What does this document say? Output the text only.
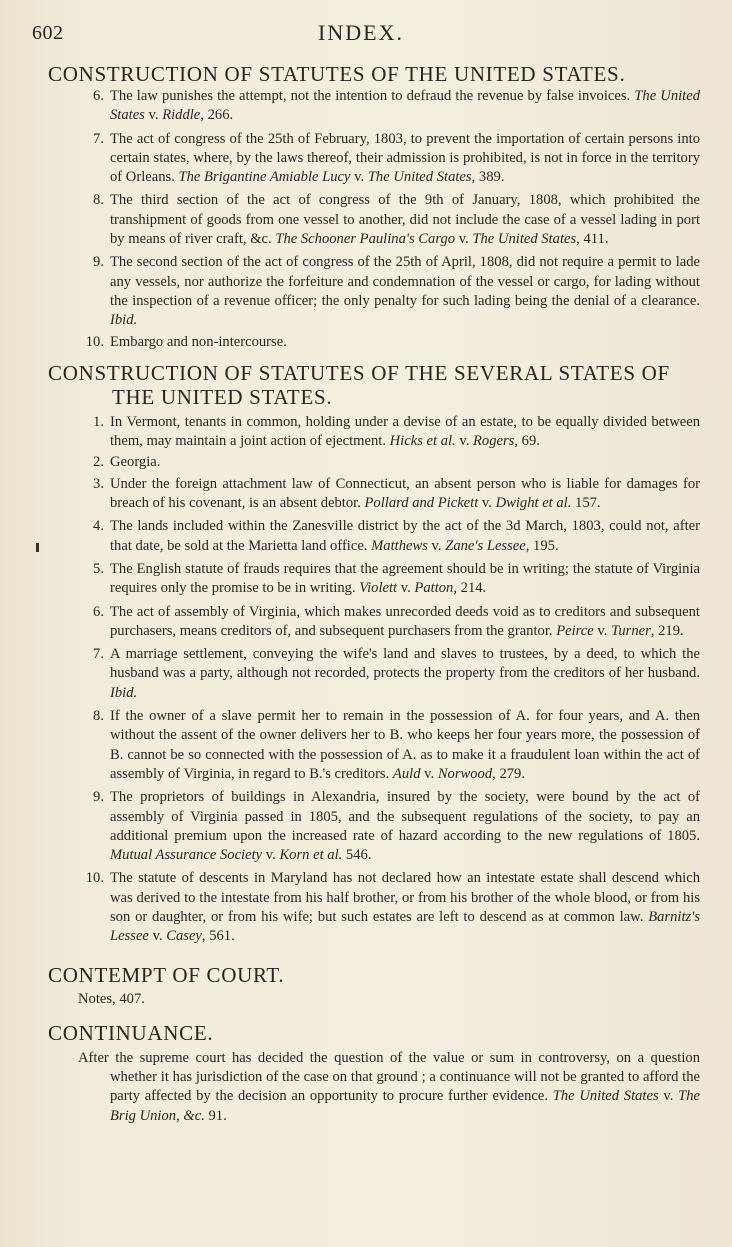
602	INDEX.
CONSTRUCTION OF STATUTES OF THE UNITED STATES.
6. The law punishes the attempt, not the intention to defraud the revenue by false invoices. The United States v. Riddle, 266.
7. The act of congress of the 25th of February, 1803, to prevent the importation of certain persons into certain states, where, by the laws thereof, their admission is prohibited, is not in force in the territory of Orleans. The Brigantine Amiable Lucy v. The United States, 389.
8. The third section of the act of congress of the 9th of January, 1808, which prohibited the transhipment of goods from one vessel to another, did not include the case of a vessel lading in port by means of river craft, &c. The Schooner Paulina's Cargo v. The United States, 411.
9. The second section of the act of congress of the 25th of April, 1808, did not require a permit to lade any vessels, nor authorize the forfeiture and condemnation of the vessel or cargo, for lading without the inspection of a revenue officer; the only penalty for such lading being the denial of a clearance. Ibid.
10. Embargo and non-intercourse.
CONSTRUCTION OF STATUTES OF THE SEVERAL STATES OF THE UNITED STATES.
1. In Vermont, tenants in common, holding under a devise of an estate, to be equally divided between them, may maintain a joint action of ejectment. Hicks et al. v. Rogers, 69.
2. Georgia.
3. Under the foreign attachment law of Connecticut, an absent person who is liable for damages for breach of his covenant, is an absent debtor. Pollard and Pickett v. Dwight et al. 157.
4. The lands included within the Zanesville district by the act of the 3d March, 1803, could not, after that date, be sold at the Marietta land office. Matthews v. Zane's Lessee, 195.
5. The English statute of frauds requires that the agreement should be in writing; the statute of Virginia requires only the promise to be in writing. Violett v. Patton, 214.
6. The act of assembly of Virginia, which makes unrecorded deeds void as to creditors and subsequent purchasers, means creditors of, and subsequent purchasers from the grantor. Peirce v. Turner, 219.
7. A marriage settlement, conveying the wife's land and slaves to trustees, by a deed, to which the husband was a party, although not recorded, protects the property from the creditors of her husband. Ibid.
8. If the owner of a slave permit her to remain in the possession of A. for four years, and A. then without the assent of the owner delivers her to B. who keeps her four years more, the possession of B. cannot be so connected with the possession of A. as to make it a fraudulent loan within the act of assembly of Virginia, in regard to B.'s creditors. Auld v. Norwood, 279.
9. The proprietors of buildings in Alexandria, insured by the society, were bound by the act of assembly of Virginia passed in 1805, and the subsequent regulations of the society, to pay an additional premium upon the increased rate of hazard according to the new regulations of 1805. Mutual Assurance Society v. Korn et al. 546.
10. The statute of descents in Maryland has not declared how an intestate estate shall descend which was derived to the intestate from his half brother, or from his brother of the whole blood, or from his son or daughter, or from his wife; but such estates are left to descend as at common law. Barnitz's Lessee v. Casey, 561.
CONTEMPT OF COURT.
Notes, 407.
CONTINUANCE.
After the supreme court has decided the question of the value or sum in controversy, on a question whether it has jurisdiction of the case on that ground ; a continuance will not be granted to afford the party affected by the decision an opportunity to procure further evidence. The United States v. The Brig Union, &c. 91.
